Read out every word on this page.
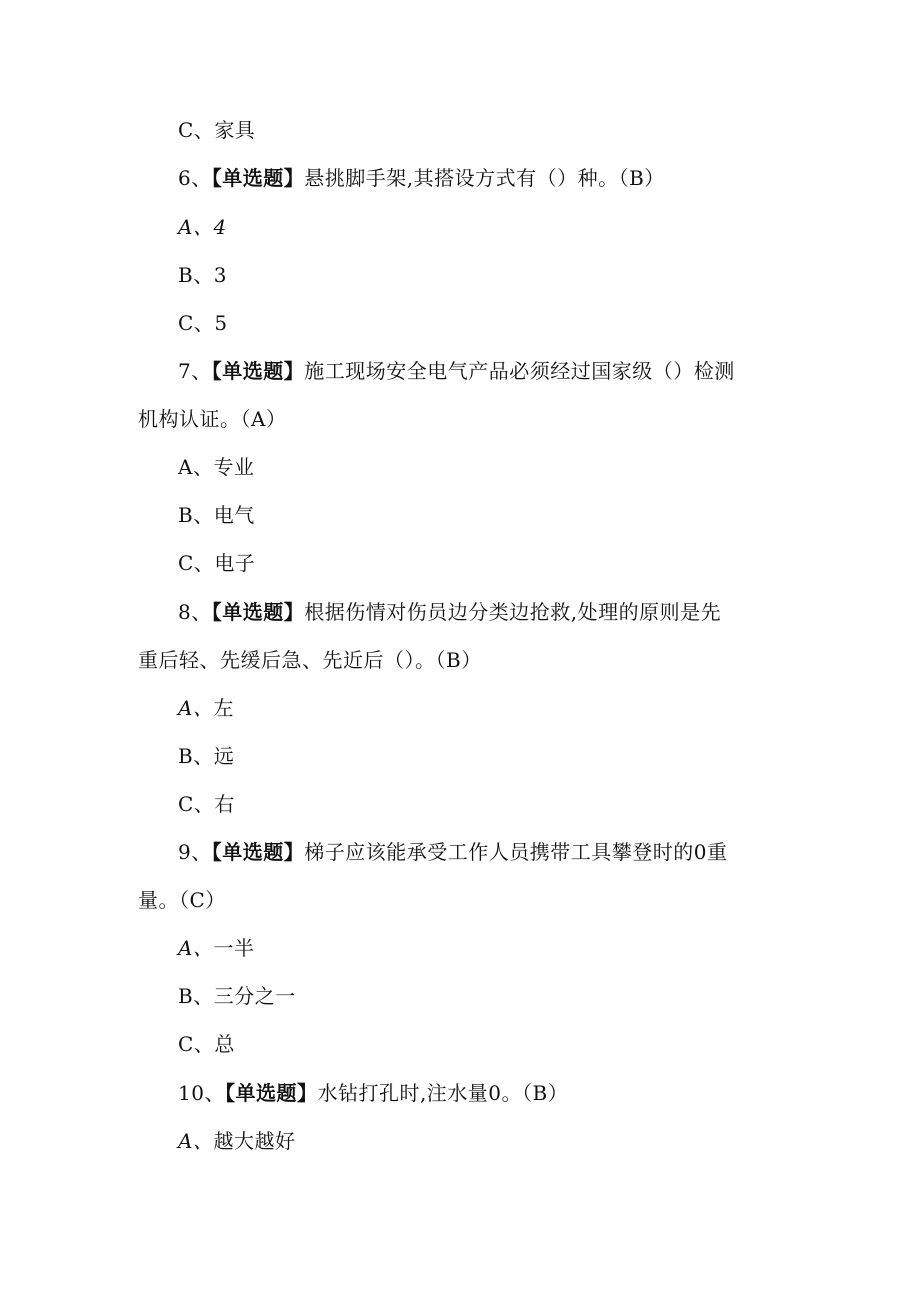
C、家具
6、【单选题】悬挑脚手架,其搭设方式有（）种。（B）
A、4
B、3
C、5
7、【单选题】施工现场安全电气产品必须经过国家级（）检测
机构认证。（A）
A、专业
B、电气
C、电子
8、【单选题】根据伤情对伤员边分类边抢救,处理的原则是先
重后轻、先缓后急、先近后（）。（B）
A、左
B、远
C、右
9、【单选题】梯子应该能承受工作人员携带工具攀登时的0重
量。（C）
A、一半
B、三分之一
C、总
10、【单选题】水钻打孔时,注水量0。（B）
A、越大越好
